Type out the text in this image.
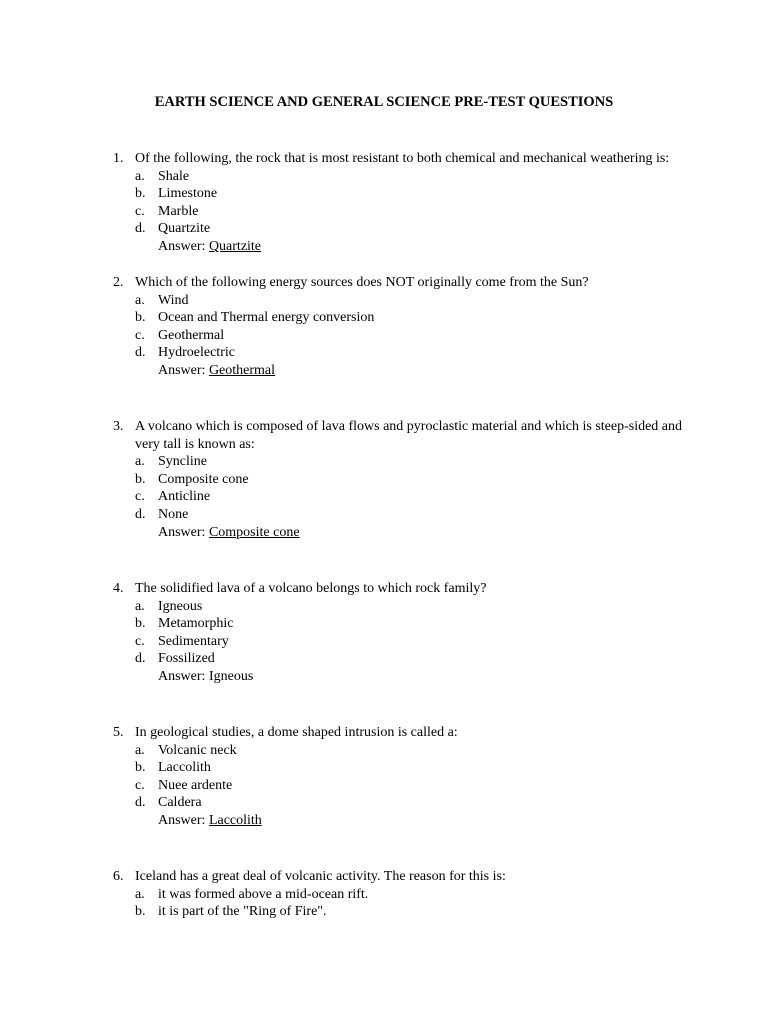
EARTH SCIENCE AND GENERAL SCIENCE PRE-TEST QUESTIONS
1. Of the following, the rock that is most resistant to both chemical and mechanical weathering is:
a. Shale
b. Limestone
c. Marble
d. Quartzite
Answer: Quartzite
2. Which of the following energy sources does NOT originally come from the Sun?
a. Wind
b. Ocean and Thermal energy conversion
c. Geothermal
d. Hydroelectric
Answer: Geothermal
3. A volcano which is composed of lava flows and pyroclastic material and which is steep-sided and very tall is known as:
a. Syncline
b. Composite cone
c. Anticline
d. None
Answer: Composite cone
4. The solidified lava of a volcano belongs to which rock family?
a. Igneous
b. Metamorphic
c. Sedimentary
d. Fossilized
Answer: Igneous
5. In geological studies, a dome shaped intrusion is called a:
a. Volcanic neck
b. Laccolith
c. Nuee ardente
d. Caldera
Answer: Laccolith
6. Iceland has a great deal of volcanic activity. The reason for this is:
a. it was formed above a mid-ocean rift.
b. it is part of the "Ring of Fire".
